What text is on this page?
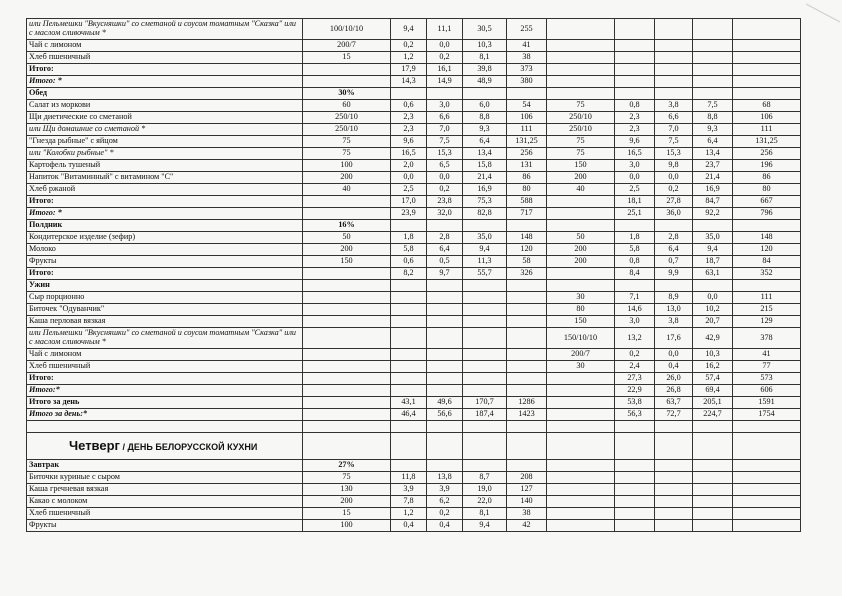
или Пельмешки "Вкусняшки" со сметаной и соусом томатным "Сказка" или с маслом сливочным *	100/10/10	9,4	11,1	30,5	255					
Чай с лимоном	200/7	0,2	0,0	10,3	41					
Хлеб пшеничный	15	1,2	0,2	8,1	38					
Итого:		17,9	16,1	39,8	373					
Итого: *		14,3	14,9	48,9	380					
Обед	30%									
Салат из моркови	60	0,6	3,0	6,0	54	75	0,8	3,8	7,5	68
Щи диетические со сметаной	250/10	2,3	6,6	8,8	106	250/10	2,3	6,6	8,8	106
или Щи домашние со сметаной *	250/10	2,3	7,0	9,3	111	250/10	2,3	7,0	9,3	111
"Гнезда рыбные" с яйцом	75	9,6	7,5	6,4	131,25	75	9,6	7,5	6,4	131,25
или "Колобки рыбные" *	75	16,5	15,3	13,4	256	75	16,5	15,3	13,4	256
Картофель тушеный	100	2,0	6,5	15,8	131	150	3,0	9,8	23,7	196
Напиток "Витаминный" с витамином "С"	200	0,0	0,0	21,4	86	200	0,0	0,0	21,4	86
Хлеб ржаной	40	2,5	0,2	16,9	80	40	2,5	0,2	16,9	80
Итого:		17,0	23,8	75,3	588		18,1	27,8	84,7	667
Итого: *		23,9	32,0	82,8	717		25,1	36,0	92,2	796
Полдник	16%									
Кондитерское изделие (зефир)	50	1,8	2,8	35,0	148	50	1,8	2,8	35,0	148
Молоко	200	5,8	6,4	9,4	120	200	5,8	6,4	9,4	120
Фрукты	150	0,6	0,5	11,3	58	200	0,8	0,7	18,7	84
Итого:		8,2	9,7	55,7	326		8,4	9,9	63,1	352
Ужин										
Сыр порционно						30	7,1	8,9	0,0	111
Биточек "Одуванчик"						80	14,6	13,0	10,2	215
Каша перловая вязкая						150	3,0	3,8	20,7	129
или Пельмешки "Вкусняшки" со сметаной и соусом томатным "Сказка" или с маслом сливочным *						150/10/10	13,2	17,6	42,9	378
Чай с лимоном						200/7	0,2	0,0	10,3	41
Хлеб пшеничный						30	2,4	0,4	16,2	77
Итого:							27,3	26,0	57,4	573
Итого:*							22,9	26,8	69,4	606
Итого за день		43,1	49,6	170,7	1286		53,8	63,7	205,1	1591
Итого за день:*		46,4	56,6	187,4	1423		56,3	72,7	224,7	1754

Четверг / ДЕНЬ БЕЛОРУССКОЙ КУХНИ										
Завтрак	27%									
Биточки куриные с сыром	75	11,8	13,8	8,7	208					
Каша гречневая вязкая	130	3,9	3,9	19,0	127					
Какао с молоком	200	7,8	6,2	22,0	140					
Хлеб пшеничный	15	1,2	0,2	8,1	38					
Фрукты	100	0,4	0,4	9,4	42					
